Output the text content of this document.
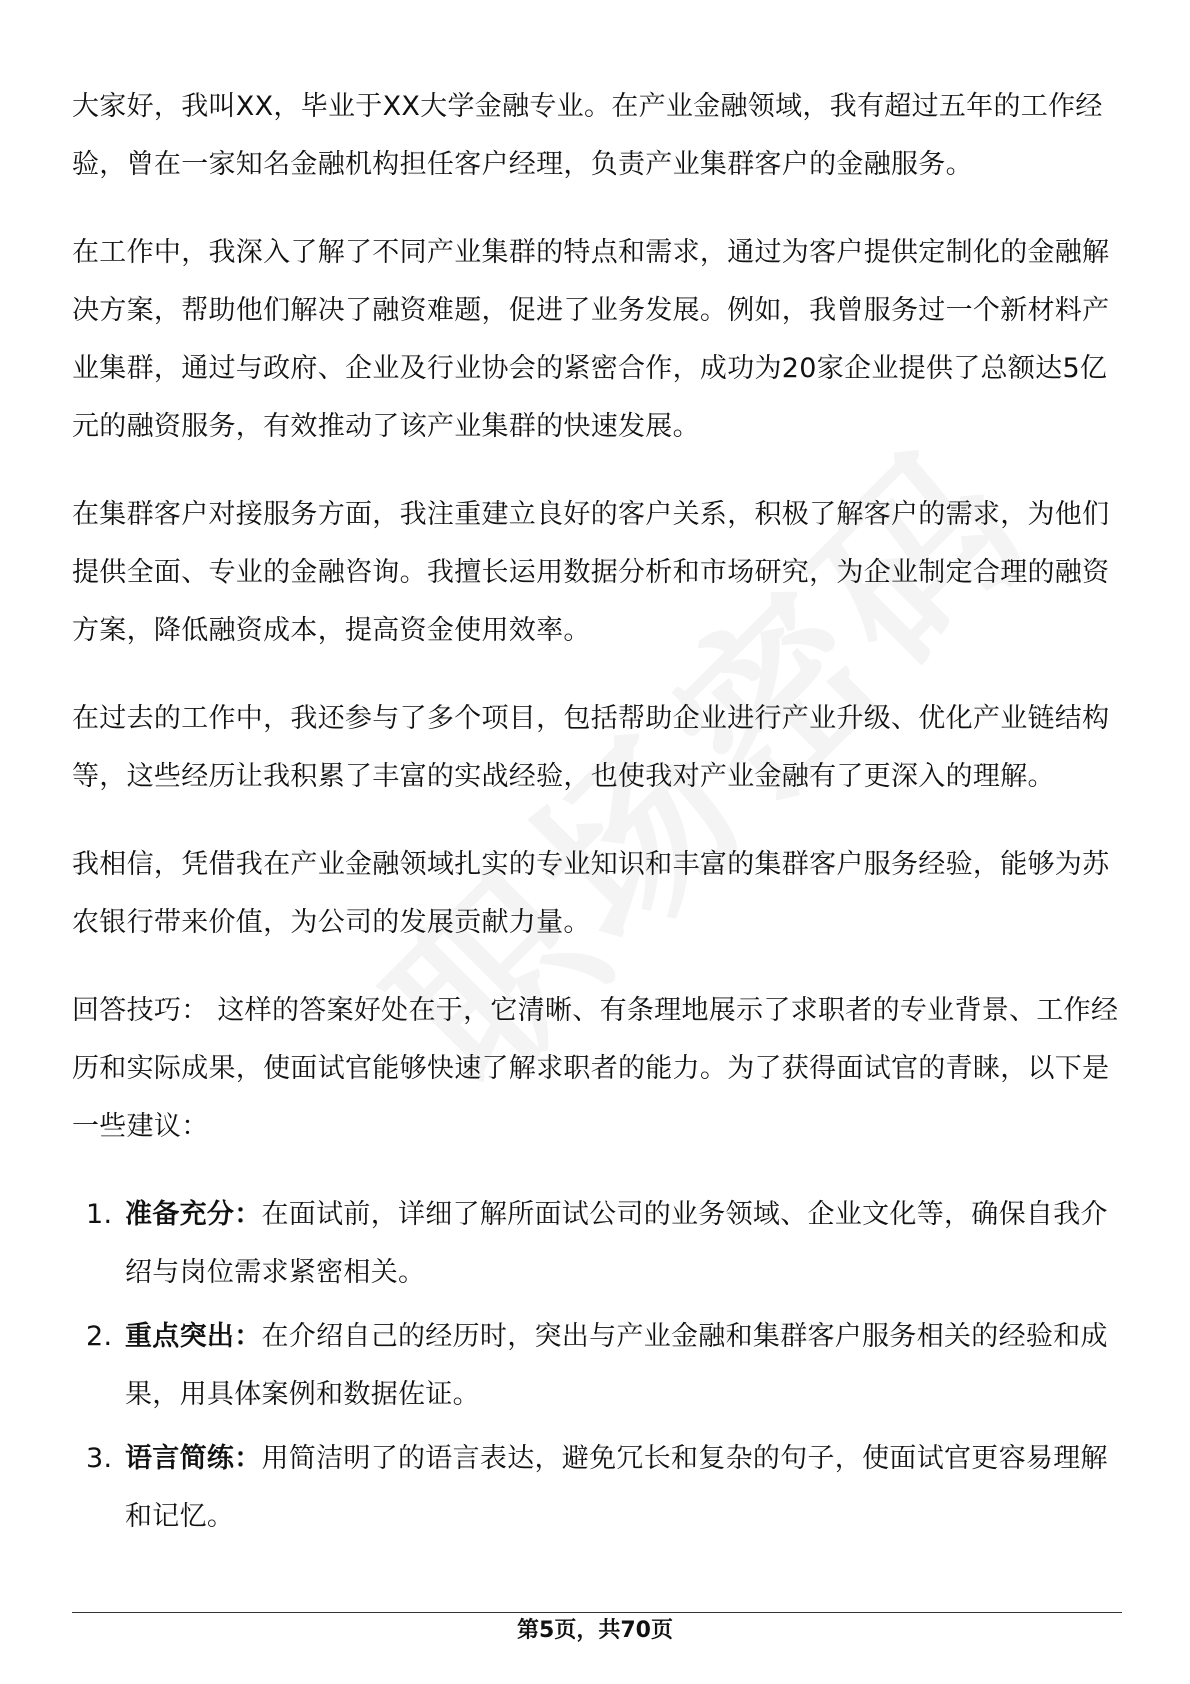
大家好，我叫XX，毕业于XX大学金融专业。在产业金融领域，我有超过五年的工作经验，曾在一家知名金融机构担任客户经理，负责产业集群客户的金融服务。

在工作中，我深入了解了不同产业集群的特点和需求，通过为客户提供定制化的金融解决方案，帮助他们解决了融资难题，促进了业务发展。例如，我曾服务过一个新材料产业集群，通过与政府、企业及行业协会的紧密合作，成功为20家企业提供了总额达5亿元的融资服务，有效推动了该产业集群的快速发展。

在集群客户对接服务方面，我注重建立良好的客户关系，积极了解客户的需求，为他们提供全面、专业的金融咨询。我擅长运用数据分析和市场研究，为企业制定合理的融资方案，降低融资成本，提高资金使用效率。

在过去的工作中，我还参与了多个项目，包括帮助企业进行产业升级、优化产业链结构等，这些经历让我积累了丰富的实战经验，也使我对产业金融有了更深入的理解。

我相信，凭借我在产业金融领域扎实的专业知识和丰富的集群客户服务经验，能够为苏农银行带来价值，为公司的发展贡献力量。

回答技巧： 这样的答案好处在于，它清晰、有条理地展示了求职者的专业背景、工作经历和实际成果，使面试官能够快速了解求职者的能力。为了获得面试官的青睐，以下是一些建议：

1. 准备充分：在面试前，详细了解所面试公司的业务领域、企业文化等，确保自我介绍与岗位需求紧密相关。
2. 重点突出：在介绍自己的经历时，突出与产业金融和集群客户服务相关的经验和成果，用具体案例和数据佐证。
3. 语言简练：用简洁明了的语言表达，避免冗长和复杂的句子，使面试官更容易理解和记忆。
第5页，共70页
